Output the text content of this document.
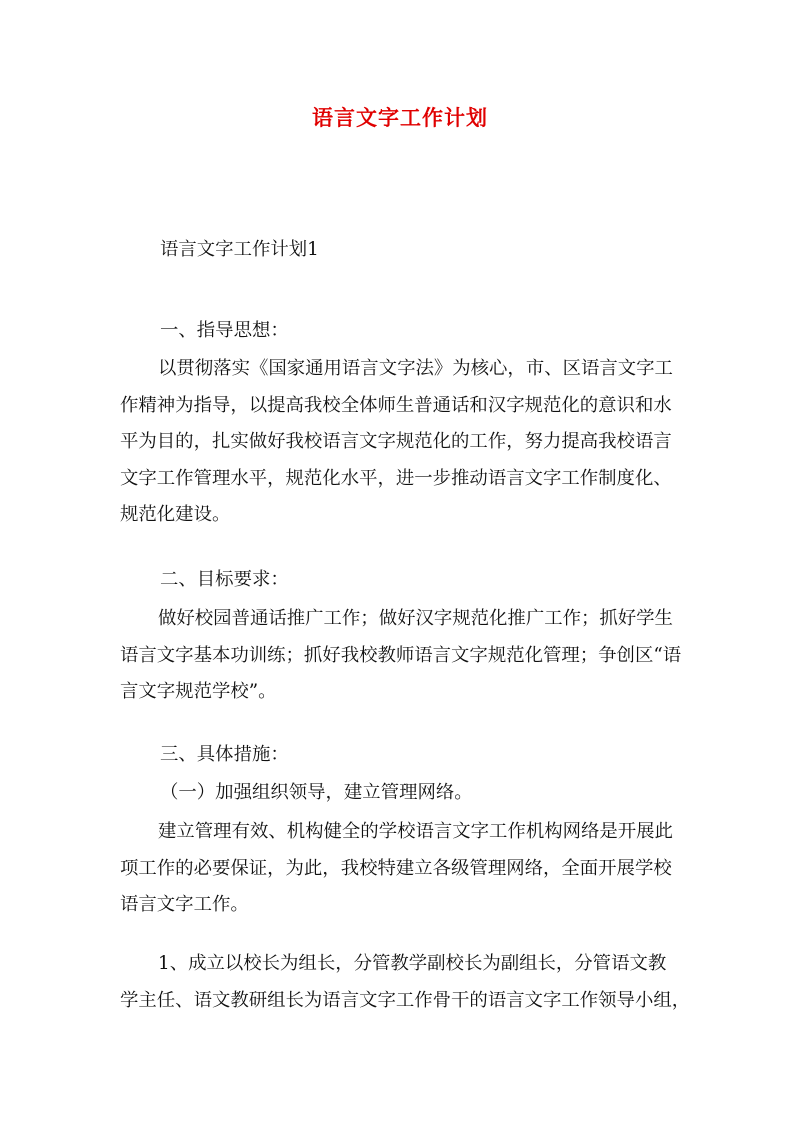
语言文字工作计划
语言文字工作计划1
一、指导思想：
以贯彻落实《国家通用语言文字法》为核心，市、区语言文字工
作精神为指导，以提高我校全体师生普通话和汉字规范化的意识和水
平为目的，扎实做好我校语言文字规范化的工作，努力提高我校语言
文字工作管理水平，规范化水平，进一步推动语言文字工作制度化、
规范化建设。
二、目标要求：
做好校园普通话推广工作；做好汉字规范化推广工作；抓好学生
语言文字基本功训练；抓好我校教师语言文字规范化管理；争创区“语
言文字规范学校”。
三、具体措施：
（一）加强组织领导，建立管理网络。
建立管理有效、机构健全的学校语言文字工作机构网络是开展此
项工作的必要保证，为此，我校特建立各级管理网络，全面开展学校
语言文字工作。
1、成立以校长为组长，分管教学副校长为副组长，分管语文教
学主任、语文教研组长为语言文字工作骨干的语言文字工作领导小组，
